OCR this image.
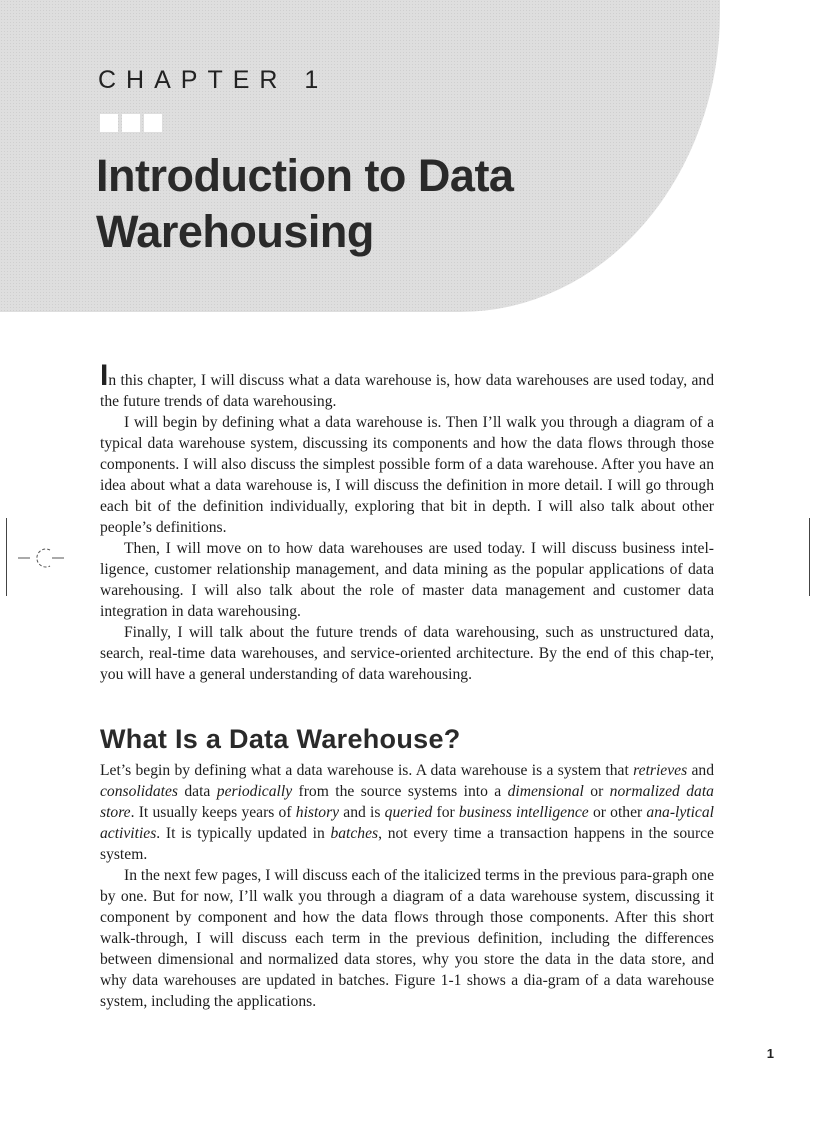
CHAPTER 1
Introduction to Data
Warehousing

In this chapter, I will discuss what a data warehouse is, how data warehouses are used today, and the future trends of data warehousing.

I will begin by defining what a data warehouse is. Then I’ll walk you through a diagram of a typical data warehouse system, discussing its components and how the data flows through those components. I will also discuss the simplest possible form of a data warehouse. After you have an idea about what a data warehouse is, I will discuss the definition in more detail. I will go through each bit of the definition individually, exploring that bit in depth. I will also talk about other people’s definitions.

Then, I will move on to how data warehouses are used today. I will discuss business intel-ligence, customer relationship management, and data mining as the popular applications of data warehousing. I will also talk about the role of master data management and customer data integration in data warehousing.

Finally, I will talk about the future trends of data warehousing, such as unstructured data, search, real-time data warehouses, and service-oriented architecture. By the end of this chap-ter, you will have a general understanding of data warehousing.

What Is a Data Warehouse?

Let’s begin by defining what a data warehouse is. A data warehouse is a system that retrieves and consolidates data periodically from the source systems into a dimensional or normalized data store. It usually keeps years of history and is queried for business intelligence or other ana-lytical activities. It is typically updated in batches, not every time a transaction happens in the source system.

In the next few pages, I will discuss each of the italicized terms in the previous para-graph one by one. But for now, I’ll walk you through a diagram of a data warehouse system, discussing it component by component and how the data flows through those components. After this short walk-through, I will discuss each term in the previous definition, including the differences between dimensional and normalized data stores, why you store the data in the data store, and why data warehouses are updated in batches. Figure 1-1 shows a dia-gram of a data warehouse system, including the applications.

1
